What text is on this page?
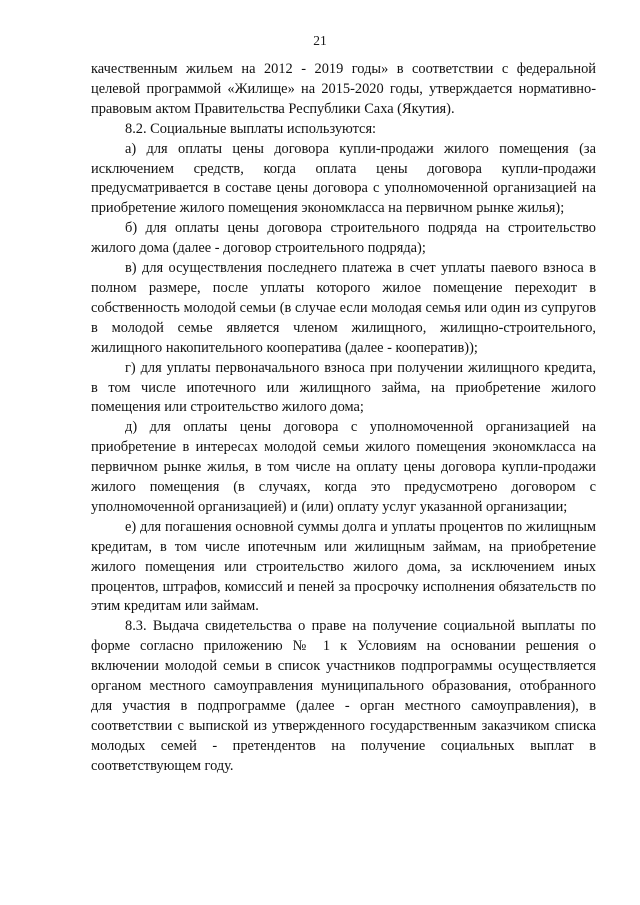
21

качественным жильем на 2012 - 2019 годы» в соответствии с федеральной целевой программой «Жилище» на 2015-2020 годы, утверждается нормативно-правовым актом Правительства Республики Саха (Якутия).

8.2. Социальные выплаты используются:

а) для оплаты цены договора купли-продажи жилого помещения (за исключением средств, когда оплата цены договора купли-продажи предусматривается в составе цены договора с уполномоченной организацией на приобретение жилого помещения экономкласса на первичном рынке жилья);

б) для оплаты цены договора строительного подряда на строительство жилого дома (далее - договор строительного подряда);

в) для осуществления последнего платежа в счет уплаты паевого взноса в полном размере, после уплаты которого жилое помещение переходит в собственность молодой семьи (в случае если молодая семья или один из супругов в молодой семье является членом жилищного, жилищно-строительного, жилищного накопительного кооператива (далее - кооператив));

г) для уплаты первоначального взноса при получении жилищного кредита, в том числе ипотечного или жилищного займа, на приобретение жилого помещения или строительство жилого дома;

д) для оплаты цены договора с уполномоченной организацией на приобретение в интересах молодой семьи жилого помещения экономкласса на первичном рынке жилья, в том числе на оплату цены договора купли-продажи жилого помещения (в случаях, когда это предусмотрено договором с уполномоченной организацией) и (или) оплату услуг указанной организации;

е) для погашения основной суммы долга и уплаты процентов по жилищным кредитам, в том числе ипотечным или жилищным займам, на приобретение жилого помещения или строительство жилого дома, за исключением иных процентов, штрафов, комиссий и пеней за просрочку исполнения обязательств по этим кредитам или займам.

8.3. Выдача свидетельства о праве на получение социальной выплаты по форме согласно приложению № 1 к Условиям на основании решения о включении молодой семьи в список участников подпрограммы осуществляется органом местного самоуправления муниципального образования, отобранного для участия в подпрограмме (далее - орган местного самоуправления), в соответствии с выпиской из утвержденного государственным заказчиком списка молодых семей - претендентов на получение социальных выплат в соответствующем году.
